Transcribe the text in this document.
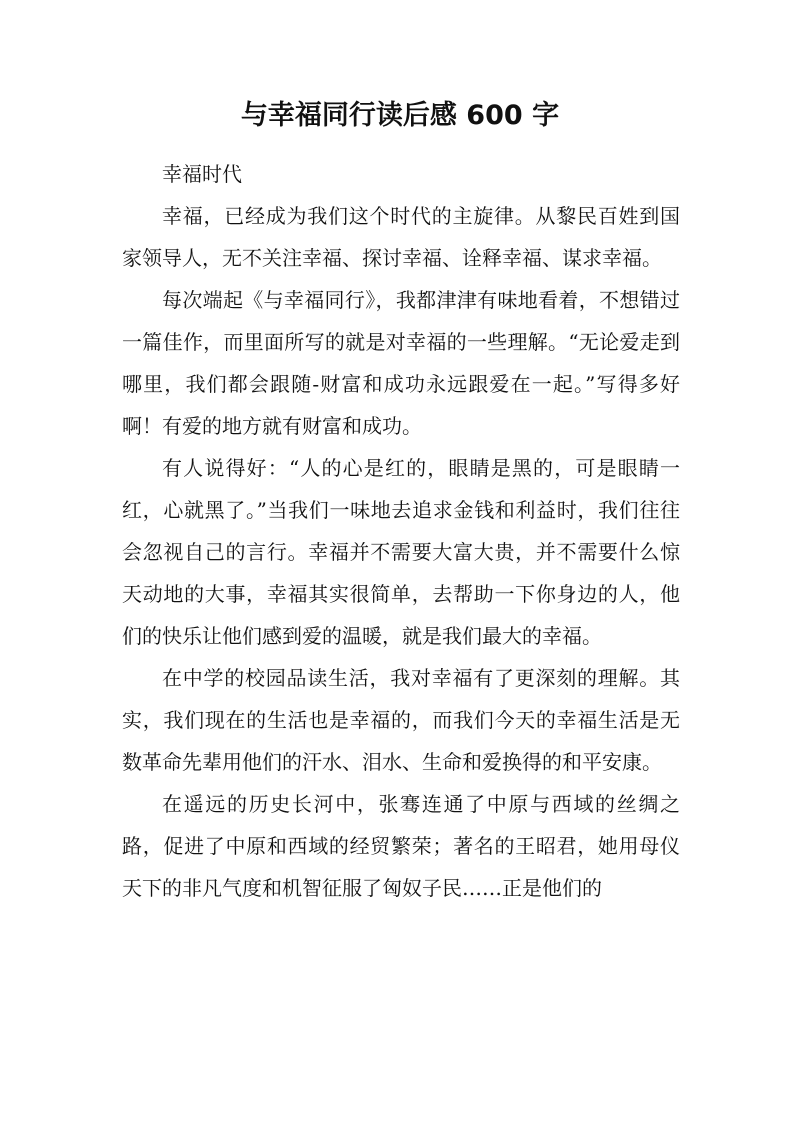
与幸福同行读后感 600 字

幸福时代

幸福，已经成为我们这个时代的主旋律。从黎民百姓到国家领导人，无不关注幸福、探讨幸福、诠释幸福、谋求幸福。

每次端起《与幸福同行》，我都津津有味地看着，不想错过一篇佳作，而里面所写的就是对幸福的一些理解。“无论爱走到哪里，我们都会跟随-财富和成功永远跟爱在一起。”写得多好啊！有爱的地方就有财富和成功。

有人说得好：“人的心是红的，眼睛是黑的，可是眼睛一红，心就黑了。”当我们一味地去追求金钱和利益时，我们往往会忽视自己的言行。幸福并不需要大富大贵，并不需要什么惊天动地的大事，幸福其实很简单，去帮助一下你身边的人，他们的快乐让他们感到爱的温暖，就是我们最大的幸福。

在中学的校园品读生活，我对幸福有了更深刻的理解。其实，我们现在的生活也是幸福的，而我们今天的幸福生活是无数革命先辈用他们的汗水、泪水、生命和爱换得的和平安康。

在遥远的历史长河中，张骞连通了中原与西域的丝绸之路，促进了中原和西域的经贸繁荣；著名的王昭君，她用母仪天下的非凡气度和机智征服了匈奴子民……正是他们的
